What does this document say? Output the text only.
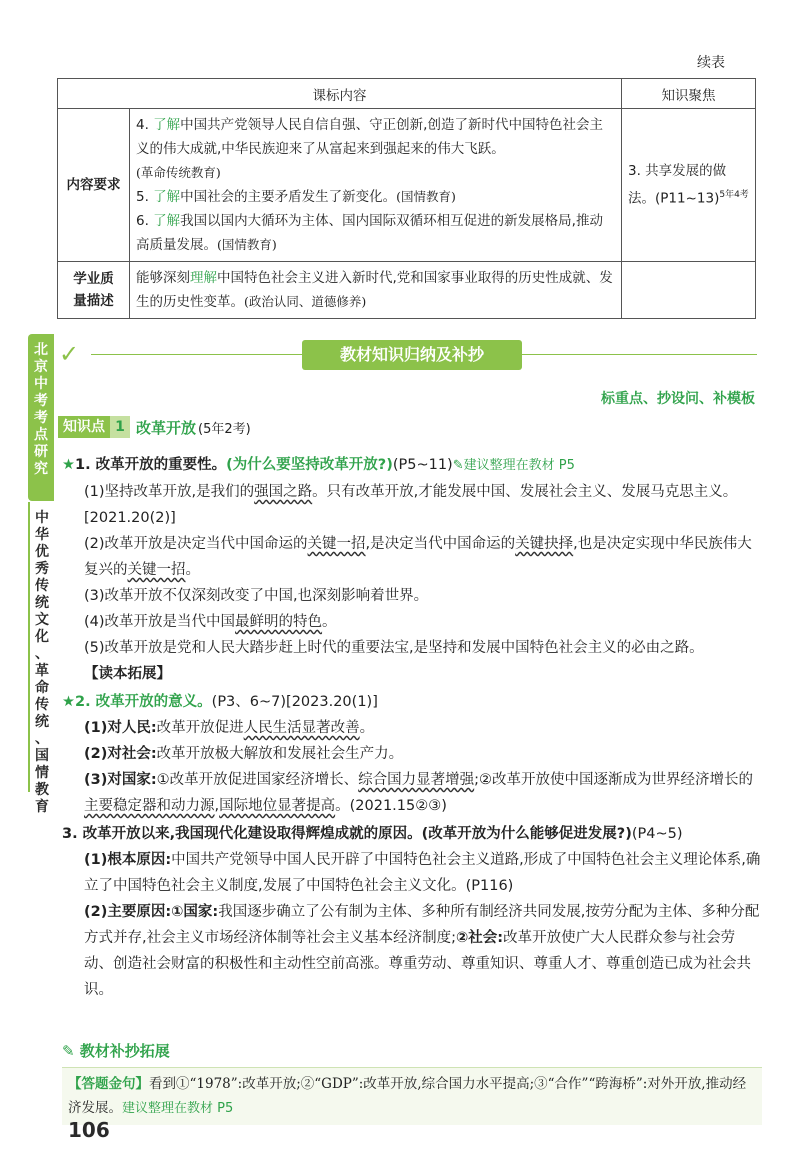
北
京
中
考
考
点
研
究
中
华
优
秀
传
统
文
化
、
革
命
传
统
、
国
情
教
育
续表
课标内容		知识聚焦
内容要求	4. 了解中国共产党领导人民自信自强、守正创新,创造了新时代中国特色社会主义的伟大成就,中华民族迎来了从富起来到强起来的伟大飞跃。
(革命传统教育)
5. 了解中国社会的主要矛盾发生了新变化。(国情教育)
6. 了解我国以国内大循环为主体、国内国际双循环相互促进的新发展格局,推动高质量发展。(国情教育)	3. 共享发展的做法。(P11~13)$^{5年4考}$
学业质
量描述	能够深刻理解中国特色社会主义进入新时代,党和国家事业取得的历史性成就、发生的历史性变革。(政治认同、道德修养)	
✓	教材知识归纳及补抄
标重点、抄设问、补模板
知识点 1 改革开放 (5年2考)
★1. 改革开放的重要性。(为什么要坚持改革开放?)(P5~11)✎建议整理在教材 P5
(1)坚持改革开放,是我们的强国之路。只有改革开放,才能发展中国、发展社会主义、发展马克思主义。[2021.20(2)]
(2)改革开放是决定当代中国命运的关键一招,是决定当代中国命运的关键抉择,也是决定实现中华民族伟大复兴的关键一招。
(3)改革开放不仅深刻改变了中国,也深刻影响着世界。
(4)改革开放是当代中国最鲜明的特色。
(5)改革开放是党和人民大踏步赶上时代的重要法宝,是坚持和发展中国特色社会主义的必由之路。
【读本拓展】
★2. 改革开放的意义。(P3、6~7)[2023.20(1)]
(1)对人民:改革开放促进人民生活显著改善。
(2)对社会:改革开放极大解放和发展社会生产力。
(3)对国家:①改革开放促进国家经济增长、综合国力显著增强;②改革开放使中国逐渐成为世界经济增长的主要稳定器和动力源,国际地位显著提高。(2021.15②③)
3. 改革开放以来,我国现代化建设取得辉煌成就的原因。(改革开放为什么能够促进发展?)(P4~5)
(1)根本原因:中国共产党领导中国人民开辟了中国特色社会主义道路,形成了中国特色社会主义理论体系,确立了中国特色社会主义制度,发展了中国特色社会主义文化。(P116)
(2)主要原因:①国家:我国逐步确立了公有制为主体、多种所有制经济共同发展,按劳分配为主体、多种分配方式并存,社会主义市场经济体制等社会主义基本经济制度;②社会:改革开放使广大人民群众参与社会劳动、创造社会财富的积极性和主动性空前高涨。尊重劳动、尊重知识、尊重人才、尊重创造已成为社会共识。
✎ 教材补抄拓展
【答题金句】看到①“1978”:改革开放;②“GDP”:改革开放,综合国力水平提高;③“合作”“跨海桥”:对外开放,推动经济发展。建议整理在教材 P5
106
